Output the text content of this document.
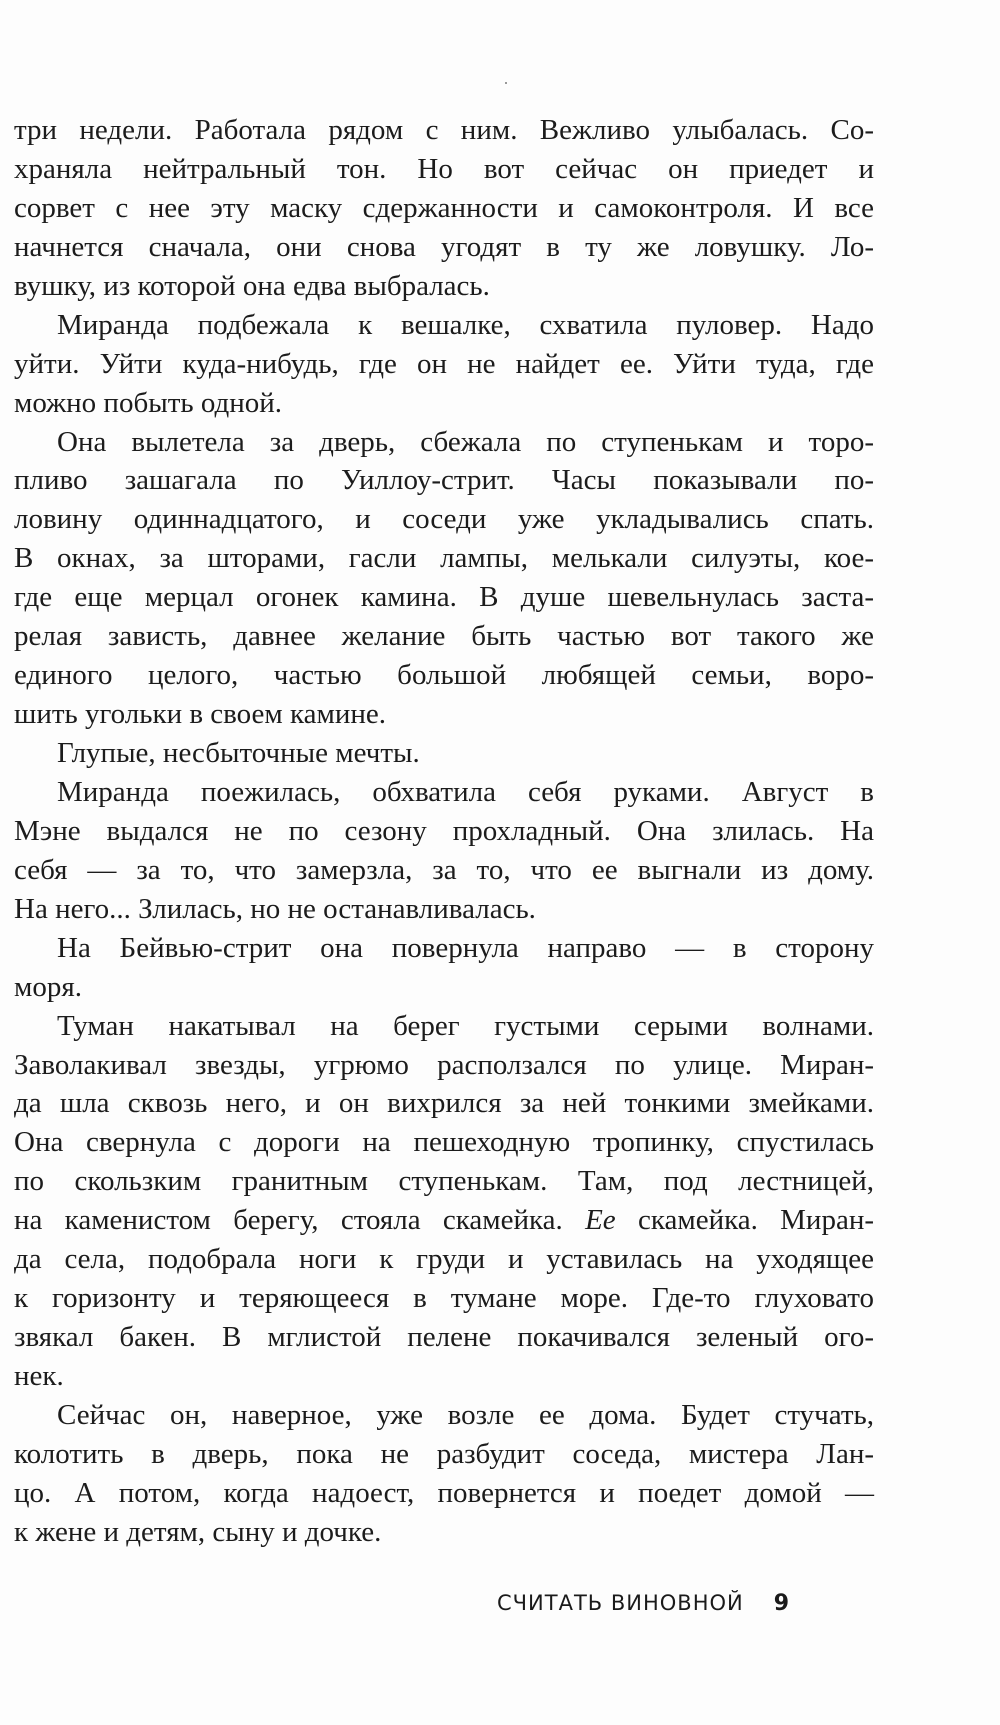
три недели. Работала рядом с ним. Вежливо улыбалась. Со-
храняла нейтральный тон. Но вот сейчас он приедет и
сорвет с нее эту маску сдержанности и самоконтроля. И все
начнется сначала, они снова угодят в ту же ловушку. Ло-
вушку, из которой она едва выбралась.
Миранда подбежала к вешалке, схватила пуловер. Надо
уйти. Уйти куда-нибудь, где он не найдет ее. Уйти туда, где
можно побыть одной.
Она вылетела за дверь, сбежала по ступенькам и торо-
пливо зашагала по Уиллоу-стрит. Часы показывали по-
ловину одиннадцатого, и соседи уже укладывались спать.
В окнах, за шторами, гасли лампы, мелькали силуэты, кое-
где еще мерцал огонек камина. В душе шевельнулась заста-
релая зависть, давнее желание быть частью вот такого же
единого целого, частью большой любящей семьи, воро-
шить угольки в своем камине.
Глупые, несбыточные мечты.
Миранда поежилась, обхватила себя руками. Август в
Мэне выдался не по сезону прохладный. Она злилась. На
себя — за то, что замерзла, за то, что ее выгнали из дому.
На него... Злилась, но не останавливалась.
На Бейвью-стрит она повернула направо — в сторону
моря.
Туман накатывал на берег густыми серыми волнами.
Заволакивал звезды, угрюмо расползался по улице. Миран-
да шла сквозь него, и он вихрился за ней тонкими змейками.
Она свернула с дороги на пешеходную тропинку, спустилась
по скользким гранитным ступенькам. Там, под лестницей,
на каменистом берегу, стояла скамейка. Ее скамейка. Миран-
да села, подобрала ноги к груди и уставилась на уходящее
к горизонту и теряющееся в тумане море. Где-то глуховато
звякал бакен. В мглистой пелене покачивался зеленый ого-
нек.
Сейчас он, наверное, уже возле ее дома. Будет стучать,
колотить в дверь, пока не разбудит соседа, мистера Лан-
цо. А потом, когда надоест, повернется и поедет домой —
к жене и детям, сыну и дочке.
СЧИТАТЬ ВИНОВНОЙ 9
